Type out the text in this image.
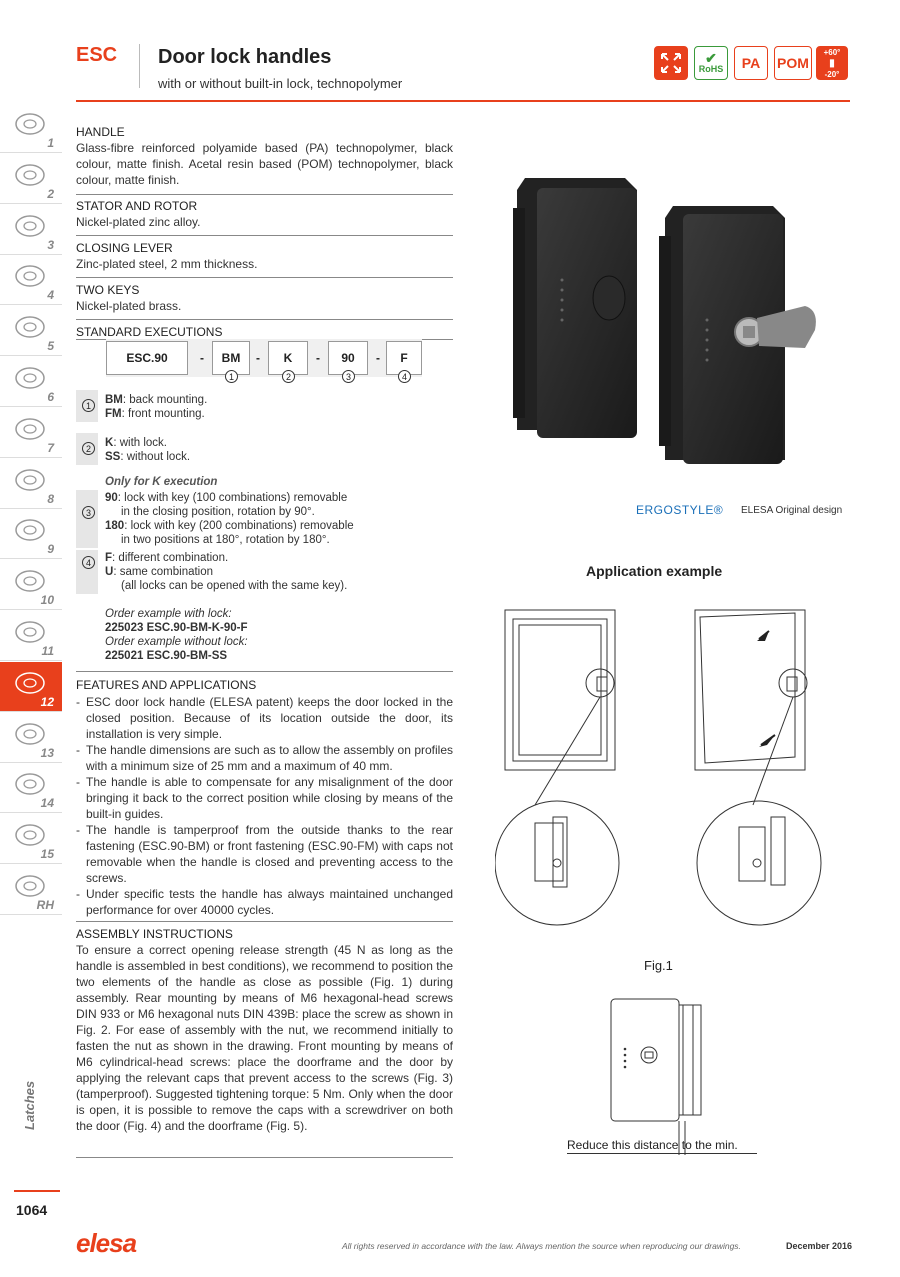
ESC Door lock handles
with or without built-in lock, technopolymer
✔
RoHS	PA	POM
+60°
▮
-20°
1
2
3
4
5
6
7
8
9
10
11
12
13
14
15
RH
Latches
1064
HANDLE
Glass-fibre reinforced polyamide based (PA) technopolymer, black colour, matte finish. Acetal resin based (POM) technopolymer, black colour, matte finish.
STATOR AND ROTOR
Nickel-plated zinc alloy.
CLOSING LEVER
Zinc-plated steel, 2 mm thickness.
TWO KEYS
Nickel-plated brass.
STANDARD EXECUTIONS
ESC.90	-	BM	-	K	-	90	-	F
1	2	3	4
1	BM: back mounting.
FM: front mounting.
2	K: with lock.
SS: without lock.
Only for K execution
3
90: lock with key (100 combinations) removable
in the closing position, rotation by 90°.
180: lock with key (200 combinations) removable
in two positions at 180°, rotation by 180°.
4	F: different combination.
U: same combination
(all locks can be opened with the same key).
Order example with lock:
225023 ESC.90-BM-K-90-F
Order example without lock:
225021 ESC.90-BM-SS
FEATURES AND APPLICATIONS
- ESC door lock handle (ELESA patent) keeps the door locked in the closed position. Because of its location outside the door, its installation is very simple.
- The handle dimensions are such as to allow the assembly on profiles with a minimum size of 25 mm and a maximum of 40 mm.
- The handle is able to compensate for any misalignment of the door bringing it back to the correct position while closing by means of the built-in guides.
- The handle is tamperproof from the outside thanks to the rear fastening (ESC.90-BM) or front fastening (ESC.90-FM) with caps not removable when the handle is closed and preventing access to the screws.
- Under specific tests the handle has always maintained unchanged performance for over 40000 cycles.
ASSEMBLY INSTRUCTIONS
To ensure a correct opening release strength (45 N as long as the handle is assembled in best conditions), we recommend to position the two elements of the handle as close as possible (Fig. 1) during assembly. Rear mounting by means of M6 hexagonal-head screws DIN 933 or M6 hexagonal nuts DIN 439B: place the screw as shown in Fig. 2. For ease of assembly with the nut, we recommend initially to fasten the nut as shown in the drawing. Front mounting by means of M6 cylindrical-head screws: place the doorframe and the door by applying the relevant caps that prevent access to the screws (Fig. 3) (tamperproof). Suggested tightening torque: 5 Nm. Only when the door is open, it is possible to remove the caps with a screwdriver on both the door (Fig. 4) and the doorframe (Fig. 5).
ERGOSTYLE® ELESA Original design
Application example
Fig.1
Reduce this distance to the min.
elesa	All rights reserved in accordance with the law. Always mention the source when reproducing our drawings.	December 2016
